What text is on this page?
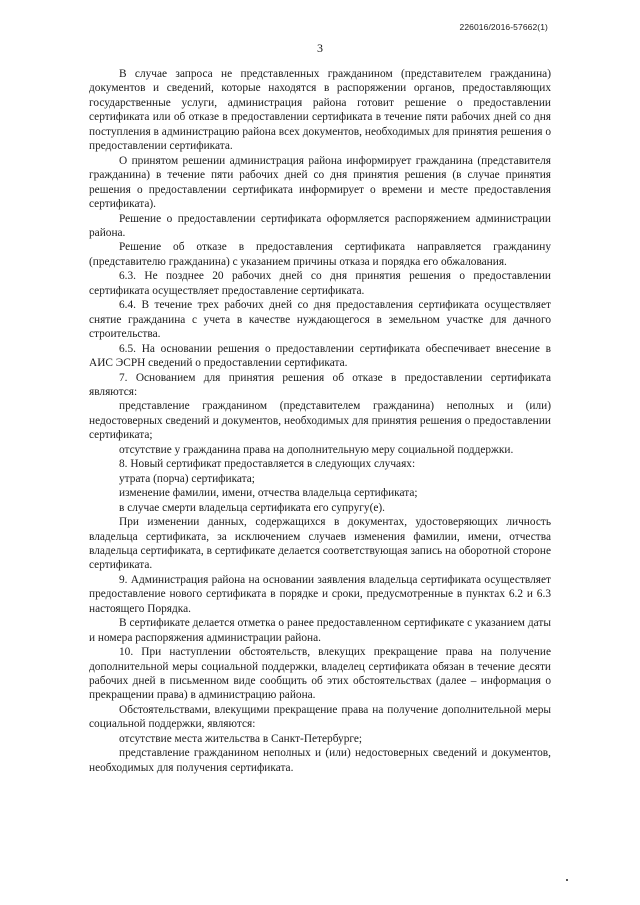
226016/2016-57662(1)
3

В случае запроса не представленных гражданином (представителем гражданина) документов и сведений, которые находятся в распоряжении органов, предоставляющих государственные услуги, администрация района готовит решение о предоставлении сертификата или об отказе в предоставлении сертификата в течение пяти рабочих дней со дня поступления в администрацию района всех документов, необходимых для принятия решения о предоставлении сертификата.

О принятом решении администрация района информирует гражданина (представителя гражданина) в течение пяти рабочих дней со дня принятия решения (в случае принятия решения о предоставлении сертификата информирует о времени и месте предоставления сертификата).

Решение о предоставлении сертификата оформляется распоряжением администрации района.

Решение об отказе в предоставления сертификата направляется гражданину (представителю гражданина) с указанием причины отказа и порядка его обжалования.

6.3. Не позднее 20 рабочих дней со дня принятия решения о предоставлении сертификата осуществляет предоставление сертификата.

6.4. В течение трех рабочих дней со дня предоставления сертификата осуществляет снятие гражданина с учета в качестве нуждающегося в земельном участке для дачного строительства.

6.5. На основании решения о предоставлении сертификата обеспечивает внесение в АИС ЭСРН сведений о предоставлении сертификата.

7. Основанием для принятия решения об отказе в предоставлении сертификата являются:

представление гражданином (представителем гражданина) неполных и (или) недостоверных сведений и документов, необходимых для принятия решения о предоставлении сертификата;

отсутствие у гражданина права на дополнительную меру социальной поддержки.

8. Новый сертификат предоставляется в следующих случаях:

утрата (порча) сертификата;

изменение фамилии, имени, отчества владельца сертификата;

в случае смерти владельца сертификата его супругу(е).

При изменении данных, содержащихся в документах, удостоверяющих личность владельца сертификата, за исключением случаев изменения фамилии, имени, отчества владельца сертификата, в сертификате делается соответствующая запись на оборотной стороне сертификата.

9. Администрация района на основании заявления владельца сертификата осуществляет предоставление нового сертификата в порядке и сроки, предусмотренные в пунктах 6.2 и 6.3 настоящего Порядка.

В сертификате делается отметка о ранее предоставленном сертификате с указанием даты и номера распоряжения администрации района.

10. При наступлении обстоятельств, влекущих прекращение права на получение дополнительной меры социальной поддержки, владелец сертификата обязан в течение десяти рабочих дней в письменном виде сообщить об этих обстоятельствах (далее – информация о прекращении права) в администрацию района.

Обстоятельствами, влекущими прекращение права на получение дополнительной меры социальной поддержки, являются:

отсутствие места жительства в Санкт-Петербурге;

представление гражданином неполных и (или) недостоверных сведений и документов, необходимых для получения сертификата.
